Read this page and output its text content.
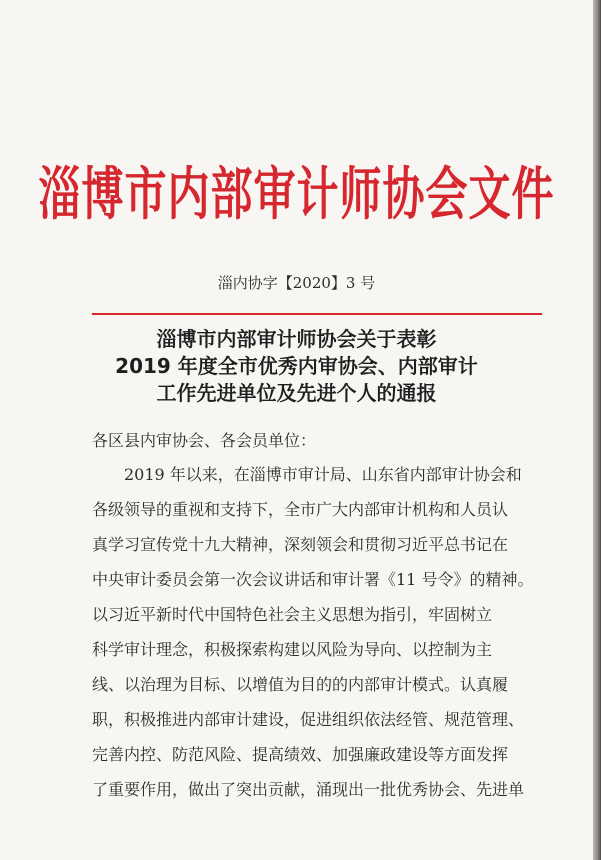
淄博市内部审计师协会文件
淄内协字【2020】3 号
淄博市内部审计师协会关于表彰
2019 年度全市优秀内审协会、内部审计
工作先进单位及先进个人的通报
各区县内审协会、各会员单位：
2019 年以来，在淄博市审计局、山东省内部审计协会和
各级领导的重视和支持下，全市广大内部审计机构和人员认
真学习宣传党十九大精神，深刻领会和贯彻习近平总书记在
中央审计委员会第一次会议讲话和审计署《11 号令》的精神。
以习近平新时代中国特色社会主义思想为指引，牢固树立
科学审计理念，积极探索构建以风险为导向、以控制为主
线、以治理为目标、以增值为目的的内部审计模式。认真履
职，积极推进内部审计建设，促进组织依法经管、规范管理、
完善内控、防范风险、提高绩效、加强廉政建设等方面发挥
了重要作用，做出了突出贡献，涌现出一批优秀协会、先进单
